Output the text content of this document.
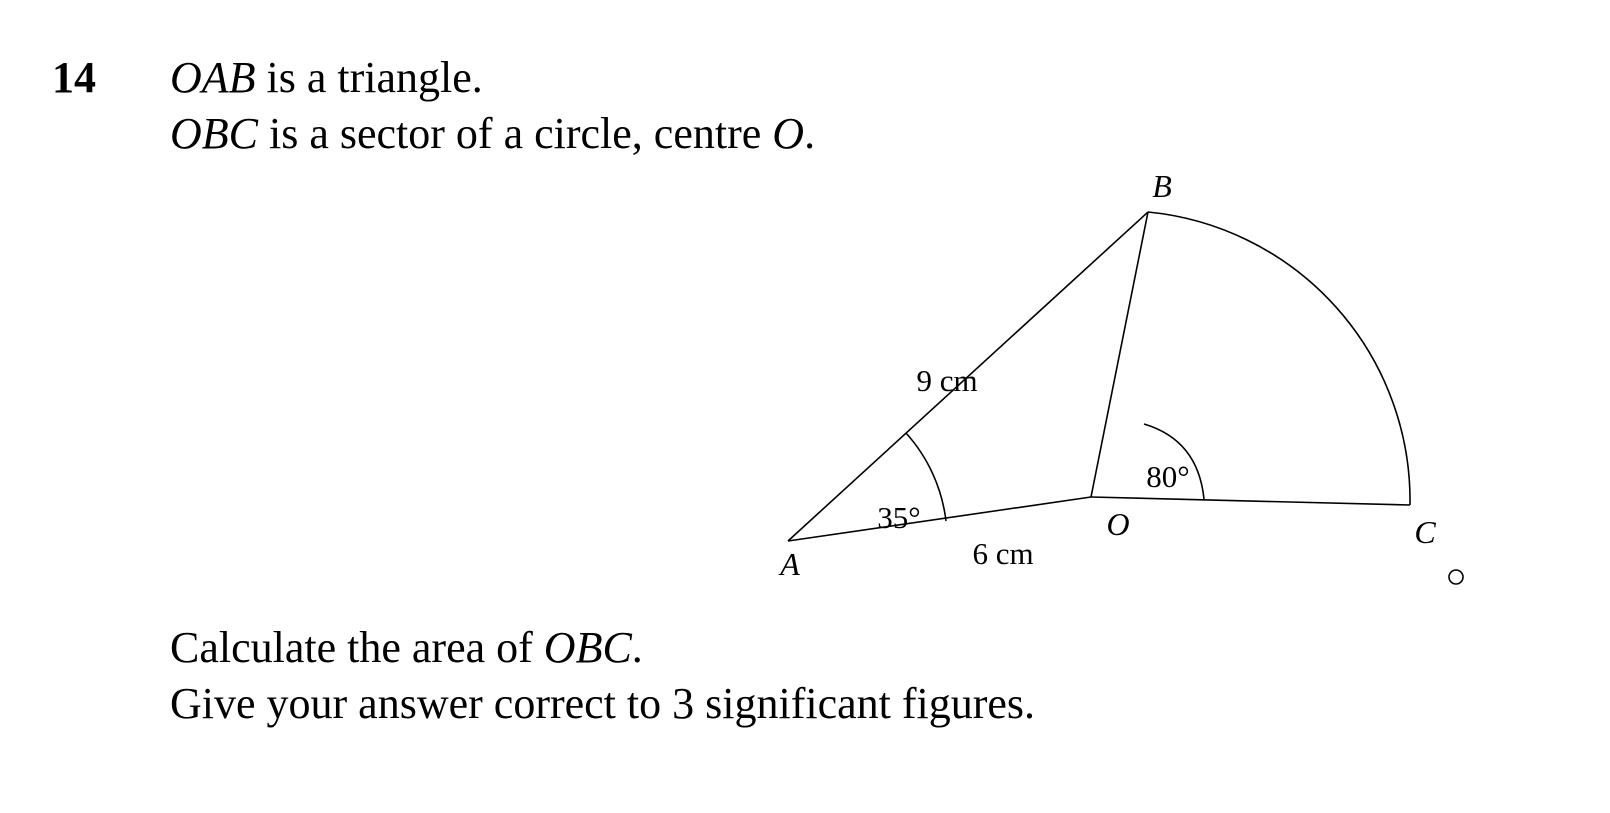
14 OAB is a triangle.
OBC is a sector of a circle, centre O.
B
A
O	C
9 cm
6 cm
35°
80°
Calculate the area of OBC.
Give your answer correct to 3 significant figures.
